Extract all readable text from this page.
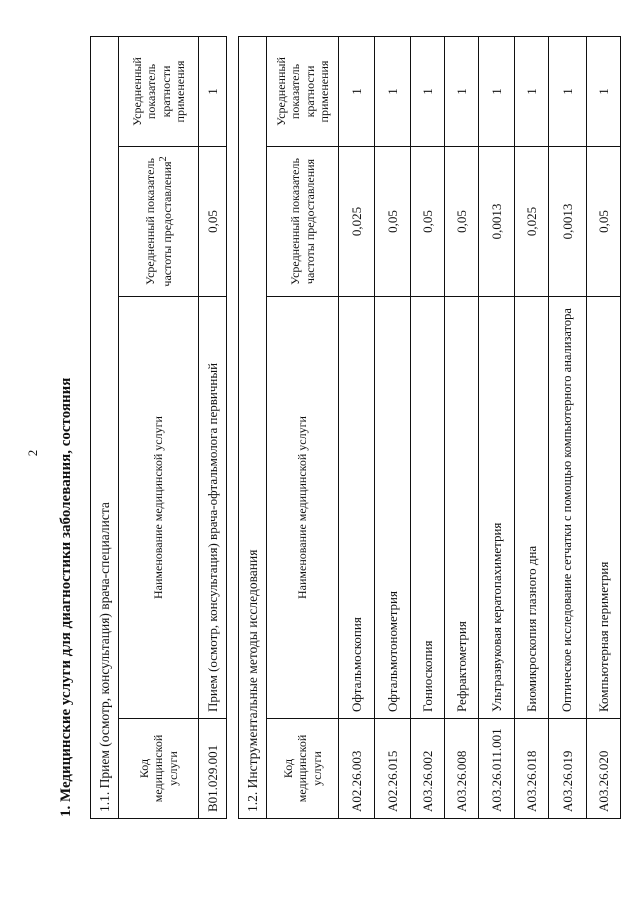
2 1. Медицинские услуги для диагностики заболевания, состояния 1.1. Прием (осмотр, консультация) врача-специалиста			
Код медицинской услуги	Наименование медицинской услуги	Усредненный показатель частоты предоставления$^2$	Усредненный показатель кратности применения
B01.029.001	Прием (осмотр, консультация) врача-офтальмолога первичный	0,05	1
1.2. Инструментальные методы исследования			
Код медицинской услуги	Наименование медицинской услуги	Усредненный показатель частоты предоставления	Усредненный показатель кратности применения
A02.26.003	Офтальмоскопия	0,025	1
A02.26.015	Офтальмотонометрия	0,05	1
A03.26.002	Гониоскопия	0,05	1
A03.26.008	Рефрактометрия	0,05	1
A03.26.011.001	Ультразвуковая кератопахиметрия	0,0013	1
A03.26.018	Биомикроскопия глазного дна	0,025	1
A03.26.019	Оптическое исследование сетчатки с помощью компьютерного анализатора	0,0013	1
A03.26.020	Компьютерная периметрия	0,05	1
